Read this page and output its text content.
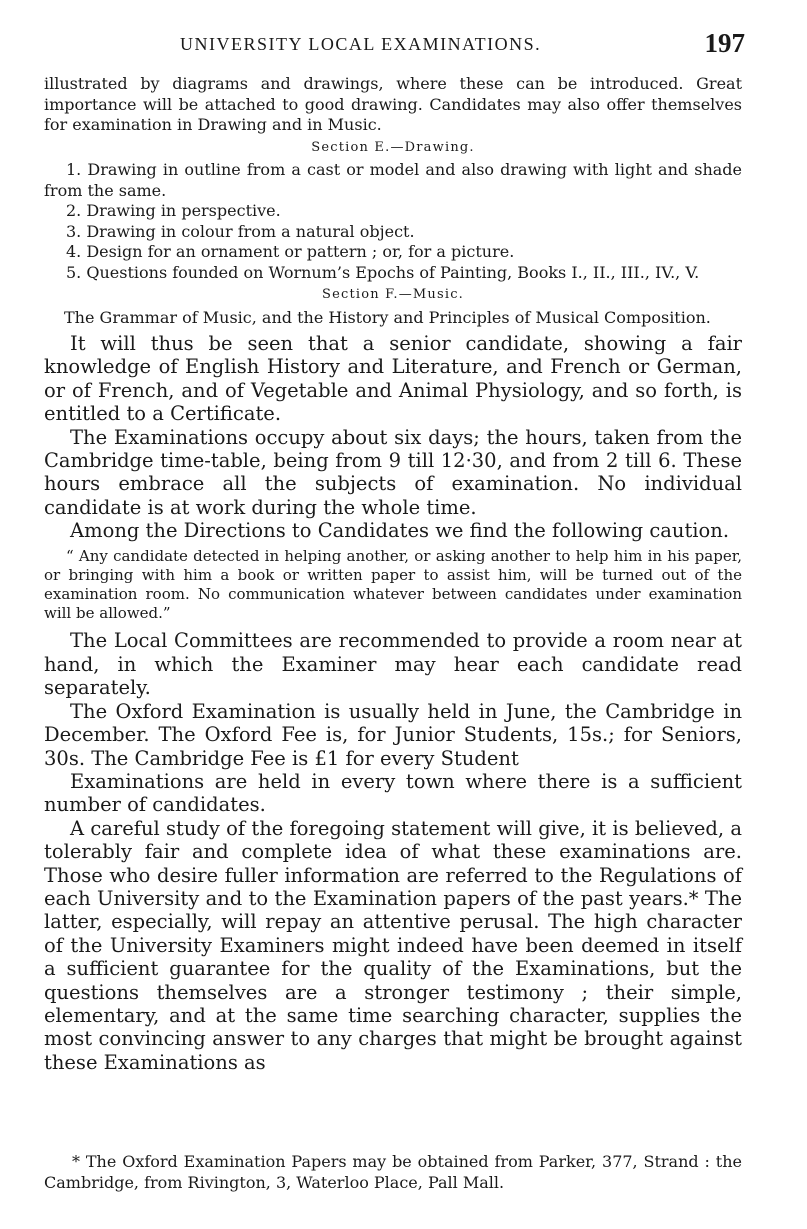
UNIVERSITY LOCAL EXAMINATIONS.	197

illustrated by diagrams and drawings, where these can be introduced. Great importance will be attached to good drawing. Candidates may also offer themselves for examination in Drawing and in Music.

Section E.—Drawing.

1. Drawing in outline from a cast or model and also drawing with light and shade from the same.

2. Drawing in perspective.

3. Drawing in colour from a natural object.

4. Design for an ornament or pattern ; or, for a picture.

5. Questions founded on Wornum’s Epochs of Painting, Books I., II., III., IV., V.

Section F.—Music.

The Grammar of Music, and the History and Principles of Musical Composition.

It will thus be seen that a senior candidate, showing a fair knowledge of English History and Literature, and French or German, or of French, and of Vegetable and Animal Physiology, and so forth, is entitled to a Certificate.

The Examinations occupy about six days; the hours, taken from the Cambridge time-table, being from 9 till 12·30, and from 2 till 6. These hours embrace all the subjects of examination. No individual candidate is at work during the whole time.

Among the Directions to Candidates we find the following caution.

“ Any candidate detected in helping another, or asking another to help him in his paper, or bringing with him a book or written paper to assist him, will be turned out of the examination room. No communication whatever between candidates under examination will be allowed.”

The Local Committees are recommended to provide a room near at hand, in which the Examiner may hear each candidate read separately.

The Oxford Examination is usually held in June, the Cambridge in December. The Oxford Fee is, for Junior Students, 15s.; for Seniors, 30s. The Cambridge Fee is £1 for every Student

Examinations are held in every town where there is a sufficient number of candidates.

A careful study of the foregoing statement will give, it is believed, a tolerably fair and complete idea of what these examinations are. Those who desire fuller information are referred to the Regulations of each University and to the Examination papers of the past years.* The latter, especially, will repay an attentive perusal. The high character of the University Examiners might indeed have been deemed in itself a sufficient guarantee for the quality of the Examinations, but the questions themselves are a stronger testimony ; their simple, elementary, and at the same time searching character, supplies the most convincing answer to any charges that might be brought against these Examinations as

* The Oxford Examination Papers may be obtained from Parker, 377, Strand : the Cambridge, from Rivington, 3, Waterloo Place, Pall Mall.
